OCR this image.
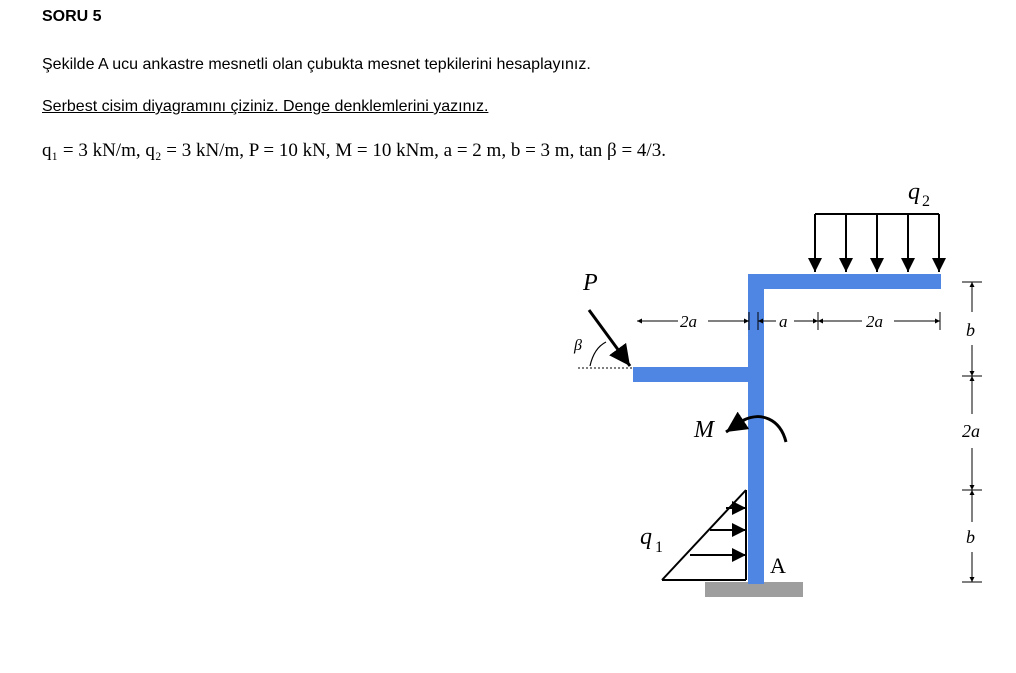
SORU 5
Şekilde A ucu ankastre mesnetli olan çubukta mesnet tepkilerini hesaplayınız.
Serbest cisim diyagramını çiziniz. Denge denklemlerini yazınız.
q₁ = 3 kN/m, q₂ = 3 kN/m, P = 10 kN, M = 10 kNm, a = 2 m, b = 3 m, tan β = 4/3.
q 2
q 1
P
β
M
A
2a	a	2a	b
2a
b
